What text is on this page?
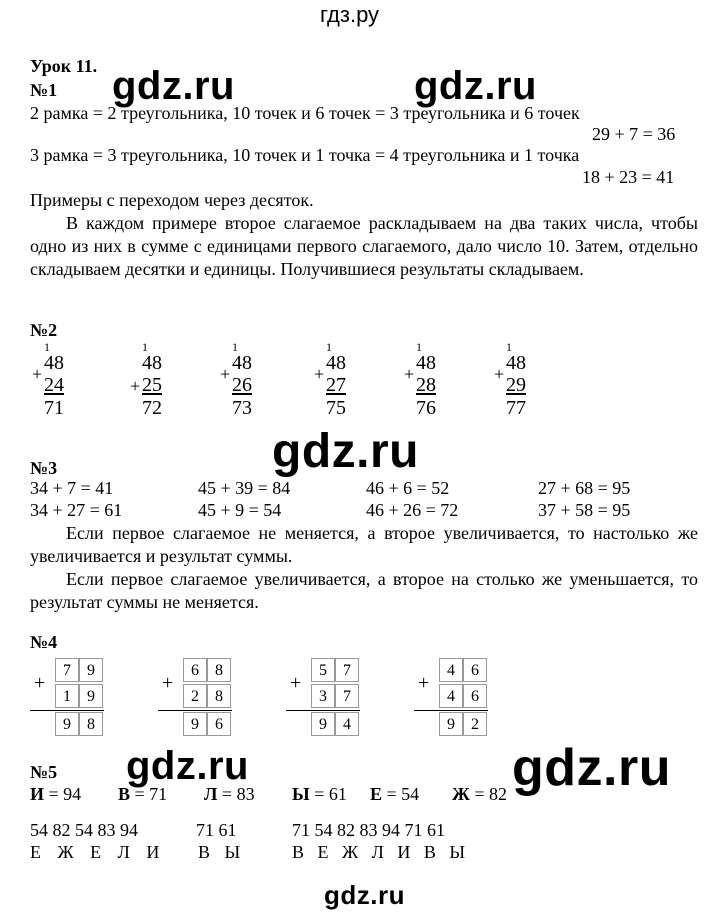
гдз.ру
Урок 11.
№1
2 рамка = 2 треугольника, 10 точек и 6 точек = 3 треугольника и 6 точек
29 + 7 = 36
3 рамка = 3 треугольника, 10 точек и 1 точка = 4 треугольника и 1 точка
18 + 23 = 41
Примеры с переходом через десяток.
В каждом примере второе слагаемое раскладываем на два таких числа, чтобы одно из них в сумме с единицами первого слагаемого, дало число 10. Затем, отдельно складываем десятки и единицы. Получившиеся результаты складываем.
№2
1
+ 48
24
71
1
+
48
25
72
1
+ 48
26
73
1
+ 48
27
75
1
+ 48
28
76
1
+ 48
29
77
№3
34 + 7 = 41	45 + 39 = 84	46 + 6 = 52	27 + 68 = 95
34 + 27 = 61	45 + 9 = 54	46 + 26 = 72	37 + 58 = 95
Если первое слагаемое не меняется, а второе увеличивается, то настолько же увеличивается и результат суммы.
Если первое слагаемое увеличивается, а второе на столько же уменьшается, то результат суммы не меняется.
№4
+
7	9
1	9
9	8
+
6	8
2	8
9	6
+
5	7
3	7
9	4
+
4	6
4	6
9	2
№5
И = 94 В = 71 Л = 83 Ы = 61 Е = 54 Ж = 82
54 82 54 83 94
Е Ж Е Л И
71 61
В Ы
71 54 82 83 94 71 61
В Е Ж Л И В Ы
gdz.ru	gdz.ru
gdz.ru
gdz.ru	gdz.ru
gdz.ru
